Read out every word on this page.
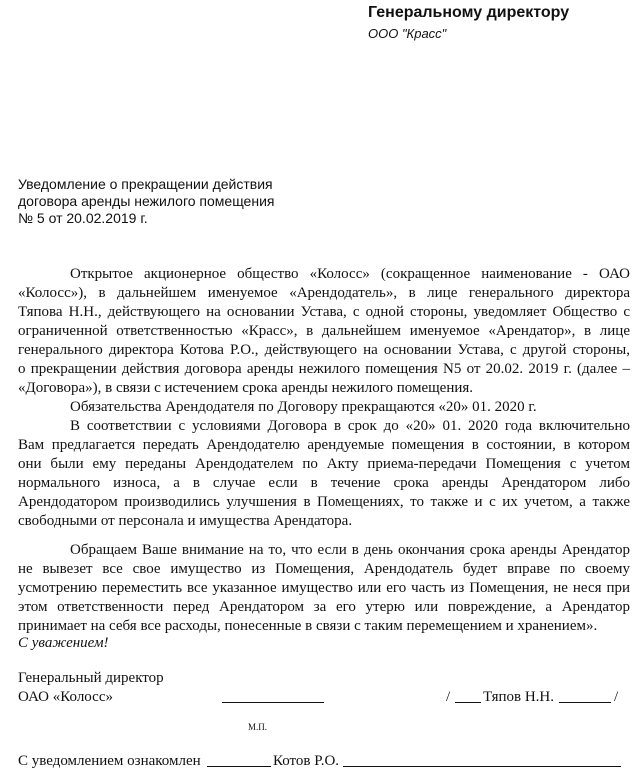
Генеральному директору
ООО "Красс"
Уведомление о прекращении действия
договора аренды нежилого помещения
№ 5 от 20.02.2019 г.
Открытое акционерное общество «Колосс» (сокращенное наименование - ОАО
«Колосс»), в дальнейшем именуемое «Арендодатель», в лице генерального директора
Тяпова Н.Н., действующего на основании Устава, с одной стороны, уведомляет Общество с
ограниченной ответственностью «Красс», в дальнейшем именуемое «Арендатор», в лице
генерального директора Котова Р.О., действующего на основании Устава, с другой стороны,
о прекращении действия договора аренды нежилого помещения N5 от 20.02. 2019 г. (далее –
«Договора»), в связи с истечением срока аренды нежилого помещения.
Обязательства Арендодателя по Договору прекращаются «20» 01. 2020 г.
В соответствии с условиями Договора в срок до «20» 01. 2020 года включительно
Вам предлагается передать Арендодателю арендуемые помещения в состоянии, в котором
они были ему переданы Арендодателем по Акту приема-передачи Помещения с учетом
нормального износа, а в случае если в течение срока аренды Арендатором либо
Арендодатором производились улучшения в Помещениях, то также и с их учетом, а также
свободными от персонала и имущества Арендатора.
Обращаем Ваше внимание на то, что если в день окончания срока аренды Арендатор
не вывезет все свое имущество из Помещения, Арендодатель будет вправе по своему
усмотрению переместить все указанное имущество или его часть из Помещения, не неся при
этом ответственности перед Арендатором за его утерю или повреждение, а Арендатор
принимает на себя все расходы, понесенные в связи с таким перемещением и хранением».
С уважением!
Генеральный директор
ОАО «Колосс»	/ Тяпов Н.Н.	/
М.П.
С уведомлением ознакомлен	Котов Р.О.
